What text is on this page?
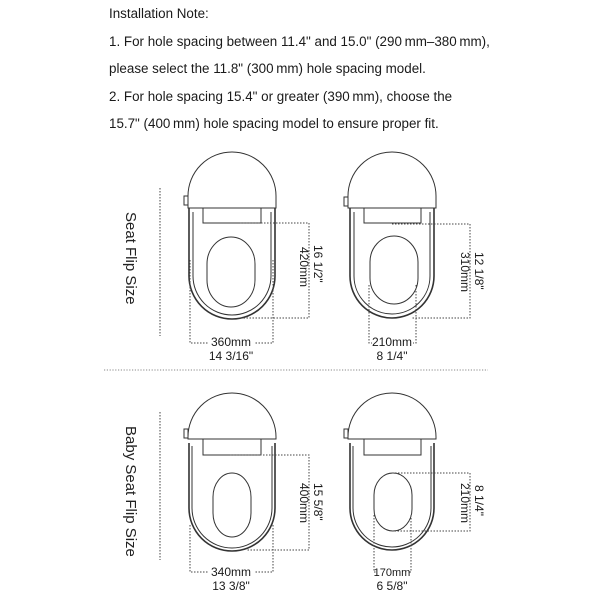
Installation Note:
1. For hole spacing between 11.4" and 15.0" (290 mm–380 mm),
please select the 11.8" (300 mm) hole spacing model.
2. For hole spacing 15.4" or greater (390 mm), choose the
15.7" (400 mm) hole spacing model to ensure proper fit.
Seat Flip Size	420mm 16 1/2"
360mm
14 3/16"
310mm 12 1/8"
210mm
8 1/4"
Baby Seat Flip Size	400mm 15 5/8"
340mm
13 3/8"
210mm 8 1/4"
170mm
6 5/8"
